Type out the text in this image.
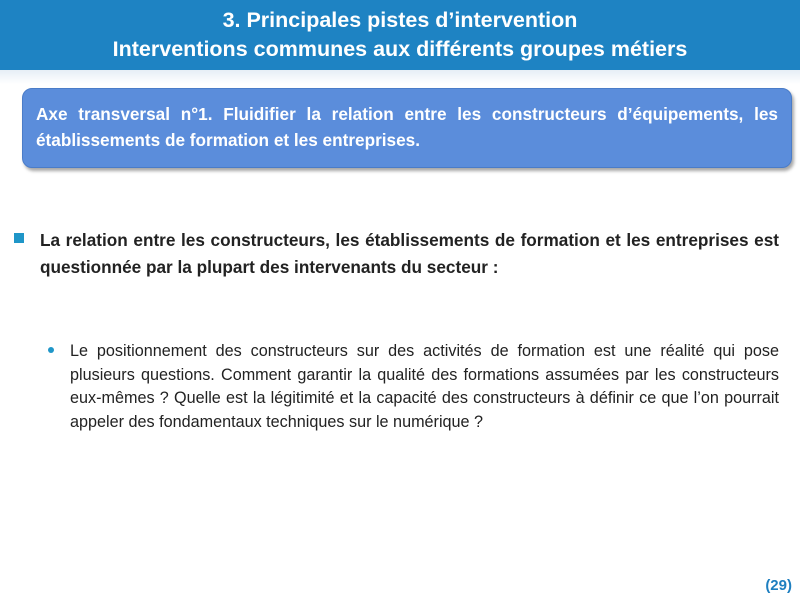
3. Principales pistes d’intervention
Interventions communes aux différents groupes métiers
Axe transversal n°1. Fluidifier la relation entre les constructeurs d’équipements, les établissements de formation et les entreprises.
La relation entre les constructeurs, les établissements de formation et les entreprises est questionnée par la plupart des intervenants du secteur :
Le positionnement des constructeurs sur des activités de formation est une réalité qui pose plusieurs questions. Comment garantir la qualité des formations assumées par les constructeurs eux-mêmes ? Quelle est la légitimité et la capacité des constructeurs à définir ce que l’on pourrait appeler des fondamentaux techniques sur le numérique ?
(29)
